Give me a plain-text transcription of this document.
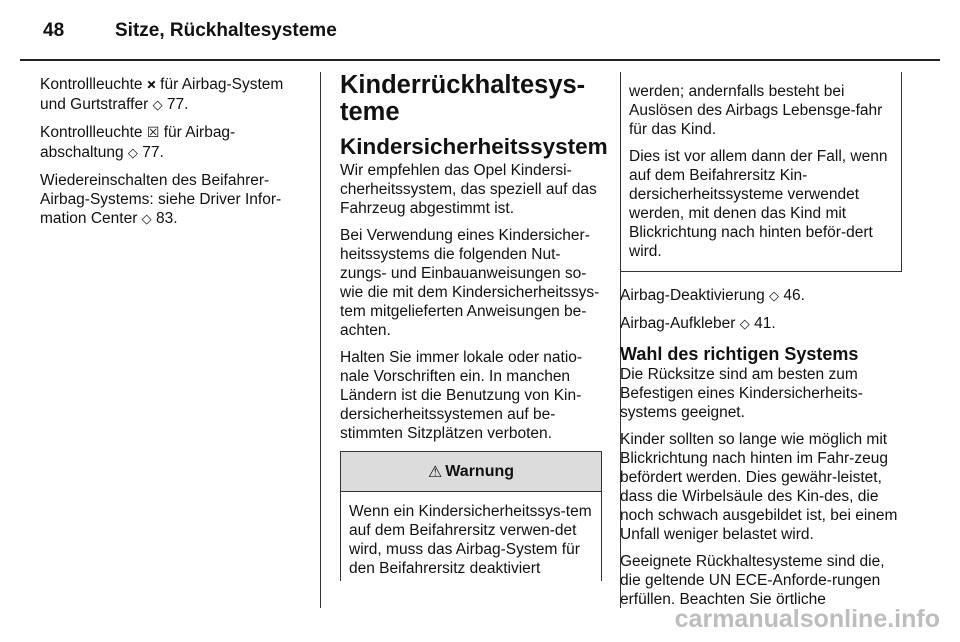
48	Sitze, Rückhaltesysteme

Kontrollleuchte 🞬 für Airbag-System und Gurtstraffer ◇ 77.

Kontrollleuchte ☒ für Airbag-abschaltung ◇ 77.

Wiedereinschalten des Beifahrer-Airbag-Systems: siehe Driver Infor-mation Center ◇ 83.

Kinderrückhaltesys-teme
Kindersicherheitssystem

Wir empfehlen das Opel Kindersi-cherheitssystem, das speziell auf das Fahrzeug abgestimmt ist.

Bei Verwendung eines Kindersicher-heitssystems die folgenden Nut-zungs- und Einbauanweisungen so-wie die mit dem Kindersicherheitssys-tem mitgelieferten Anweisungen be-achten.

Halten Sie immer lokale oder natio-nale Vorschriften ein. In manchen Ländern ist die Benutzung von Kin-dersicherheitssystemen auf be-stimmten Sitzplätzen verboten.

⚠ Warnung
Wenn ein Kindersicherheitssys-tem auf dem Beifahrersitz verwen-det wird, muss das Airbag-System für den Beifahrersitz deaktiviert

werden; andernfalls besteht bei Auslösen des Airbags Lebensge-fahr für das Kind.

Dies ist vor allem dann der Fall, wenn auf dem Beifahrersitz Kin-dersicherheitssysteme verwendet werden, mit denen das Kind mit Blickrichtung nach hinten beför-dert wird.

Airbag-Deaktivierung ◇ 46.

Airbag-Aufkleber ◇ 41.

Wahl des richtigen Systems

Die Rücksitze sind am besten zum Befestigen eines Kindersicherheits-systems geeignet.

Kinder sollten so lange wie möglich mit Blickrichtung nach hinten im Fahr-zeug befördert werden. Dies gewähr-leistet, dass die Wirbelsäule des Kin-des, die noch schwach ausgebildet ist, bei einem Unfall weniger belastet wird.

Geeignete Rückhaltesysteme sind die, die geltende UN ECE-Anforde-rungen erfüllen. Beachten Sie örtliche

carmanualsonline.info
